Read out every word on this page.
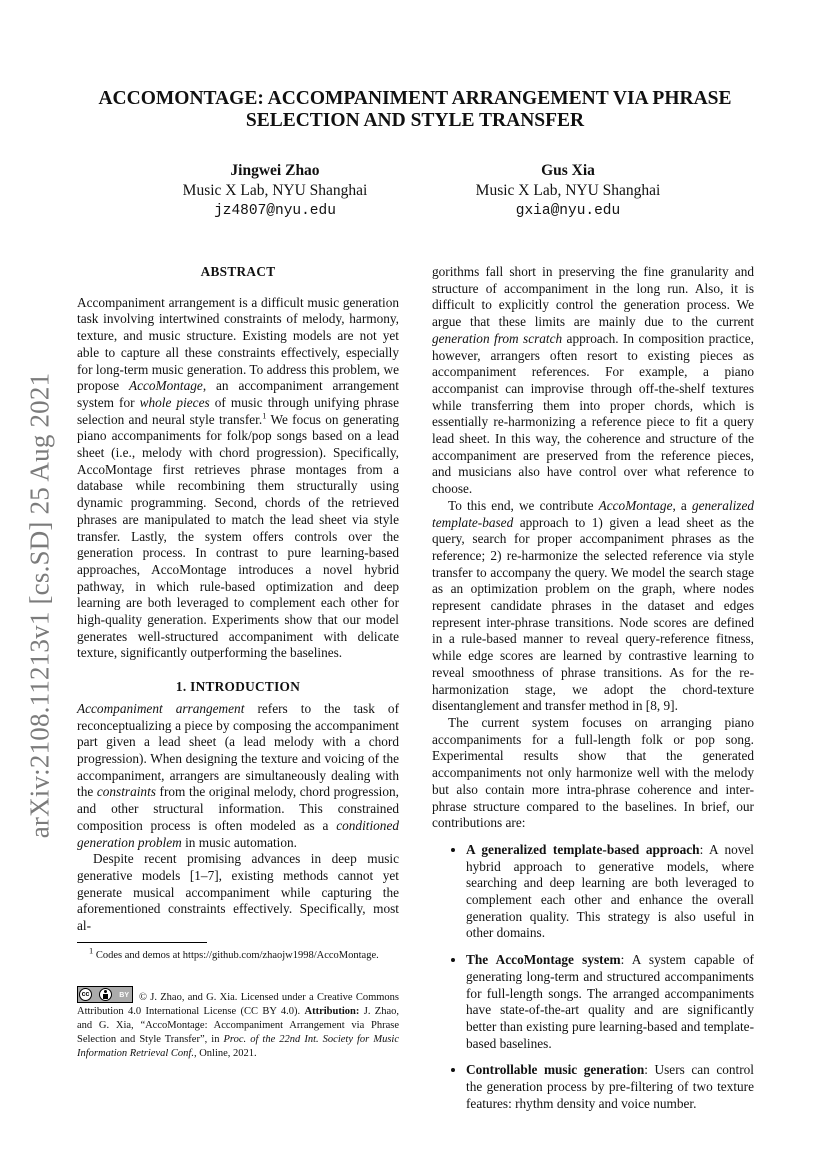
arXiv:2108.11213v1 [cs.SD] 25 Aug 2021
ACCOMONTAGE: ACCOMPANIMENT ARRANGEMENT VIA PHRASE
SELECTION AND STYLE TRANSFER
Jingwei Zhao
Music X Lab, NYU Shanghai
jz4807@nyu.edu
Gus Xia
Music X Lab, NYU Shanghai
gxia@nyu.edu
ABSTRACT

Accompaniment arrangement is a difficult music generation task involving intertwined constraints of melody, harmony, texture, and music structure. Existing models are not yet able to capture all these constraints effectively, especially for long-term music generation. To address this problem, we propose AccoMontage, an accompaniment arrangement system for whole pieces of music through unifying phrase selection and neural style transfer.$^1$ We focus on generating piano accompaniments for folk/pop songs based on a lead sheet (i.e., melody with chord progression). Specifically, AccoMontage first retrieves phrase montages from a database while recombining them structurally using dynamic programming. Second, chords of the retrieved phrases are manipulated to match the lead sheet via style transfer. Lastly, the system offers controls over the generation process. In contrast to pure learning-based approaches, AccoMontage introduces a novel hybrid pathway, in which rule-based optimization and deep learning are both leveraged to complement each other for high-quality generation. Experiments show that our model generates well-structured accompaniment with delicate texture, significantly outperforming the baselines.

1. INTRODUCTION

Accompaniment arrangement refers to the task of reconceptualizing a piece by composing the accompaniment part given a lead sheet (a lead melody with a chord progression). When designing the texture and voicing of the accompaniment, arrangers are simultaneously dealing with the constraints from the original melody, chord progression, and other structural information. This constrained composition process is often modeled as a conditioned generation problem in music automation.

Despite recent promising advances in deep music generative models [1–7], existing methods cannot yet generate musical accompaniment while capturing the aforementioned constraints effectively. Specifically, most al-

$^1$ Codes and demos at https://github.com/zhaojw1998/AccoMontage.
cc	BY © J. Zhao, and G. Xia. Licensed under a Creative Commons Attribution 4.0 International License (CC BY 4.0). Attribution: J. Zhao, and G. Xia, “AccoMontage: Accompaniment Arrangement via Phrase Selection and Style Transfer”, in Proc. of the 22nd Int. Society for Music Information Retrieval Conf., Online, 2021.

gorithms fall short in preserving the fine granularity and structure of accompaniment in the long run. Also, it is difficult to explicitly control the generation process. We argue that these limits are mainly due to the current generation from scratch approach. In composition practice, however, arrangers often resort to existing pieces as accompaniment references. For example, a piano accompanist can improvise through off-the-shelf textures while transferring them into proper chords, which is essentially re-harmonizing a reference piece to fit a query lead sheet. In this way, the coherence and structure of the accompaniment are preserved from the reference pieces, and musicians also have control over what reference to choose.

To this end, we contribute AccoMontage, a generalized template-based approach to 1) given a lead sheet as the query, search for proper accompaniment phrases as the reference; 2) re-harmonize the selected reference via style transfer to accompany the query. We model the search stage as an optimization problem on the graph, where nodes represent candidate phrases in the dataset and edges represent inter-phrase transitions. Node scores are defined in a rule-based manner to reveal query-reference fitness, while edge scores are learned by contrastive learning to reveal smoothness of phrase transitions. As for the re-harmonization stage, we adopt the chord-texture disentanglement and transfer method in [8, 9].

The current system focuses on arranging piano accompaniments for a full-length folk or pop song. Experimental results show that the generated accompaniments not only harmonize well with the melody but also contain more intra-phrase coherence and inter-phrase structure compared to the baselines. In brief, our contributions are:

• A generalized template-based approach: A novel hybrid approach to generative models, where searching and deep learning are both leveraged to complement each other and enhance the overall generation quality. This strategy is also useful in other domains.
• The AccoMontage system: A system capable of generating long-term and structured accompaniments for full-length songs. The arranged accompaniments have state-of-the-art quality and are significantly better than existing pure learning-based and template-based baselines.
• Controllable music generation: Users can control the generation process by pre-filtering of two texture features: rhythm density and voice number.
